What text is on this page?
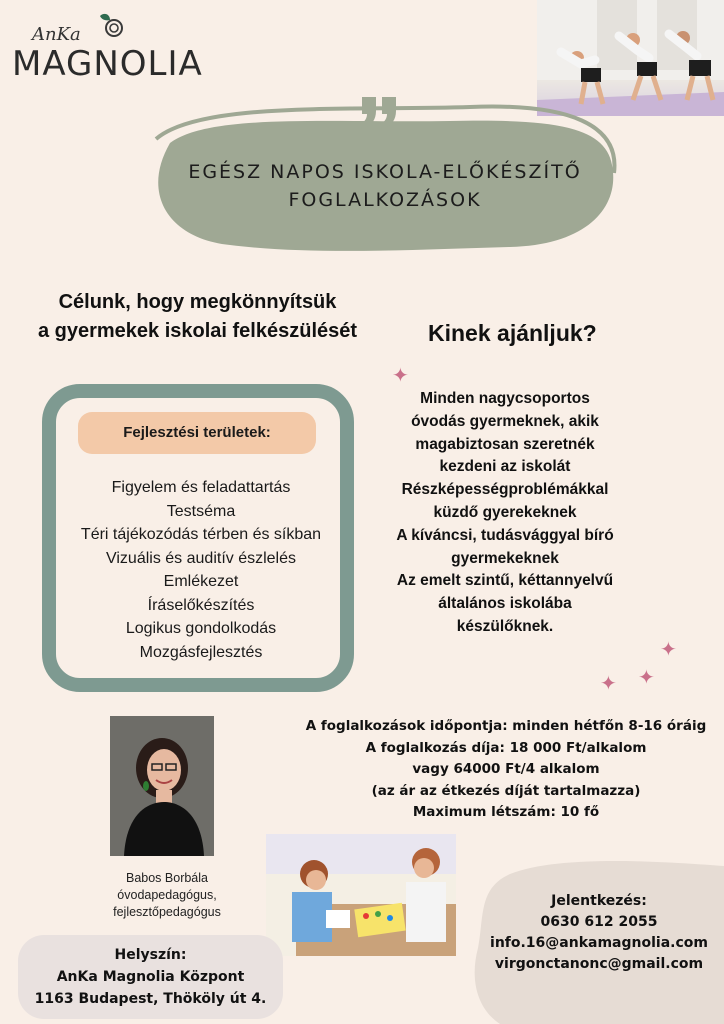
AnKa
MAGNOLIA
EGÉSZ NAPOS ISKOLA-ELŐKÉSZÍTŐ
FOGLALKOZÁSOK
Célunk, hogy megkönnyítsük
a gyermekek iskolai felkészülését	Kinek ajánljuk?
Fejlesztési területek:
Figyelem és feladattartás
Testséma
Téri tájékozódás térben és síkban
Vizuális és auditív észlelés
Emlékezet
Íráselőkészítés
Logikus gondolkodás
Mozgásfejlesztés
✦
✦
✦
✦
Minden nagycsoportos
óvodás gyermeknek, akik
magabiztosan szeretnék
kezdeni az iskolát
Részképességproblémákkal
küzdő gyerekeknek
A kíváncsi, tudásvággyal bíró
gyermekeknek
Az emelt szintű, kéttannyelvű
általános iskolába
készülőknek.
A foglalkozások időpontja: minden hétfőn 8-16 óráig
A foglalkozás díja: 18 000 Ft/alkalom
vagy 64000 Ft/4 alkalom
(az ár az étkezés díját tartalmazza)
Maximum létszám: 10 fő
Babos Borbála
óvodapedagógus,
fejlesztőpedagógus
Helyszín:
AnKa Magnolia Központ
1163 Budapest, Thököly út 4.
Jelentkezés:
0630 612 2055
info.16@ankamagnolia.com
virgonctanonc@gmail.com
